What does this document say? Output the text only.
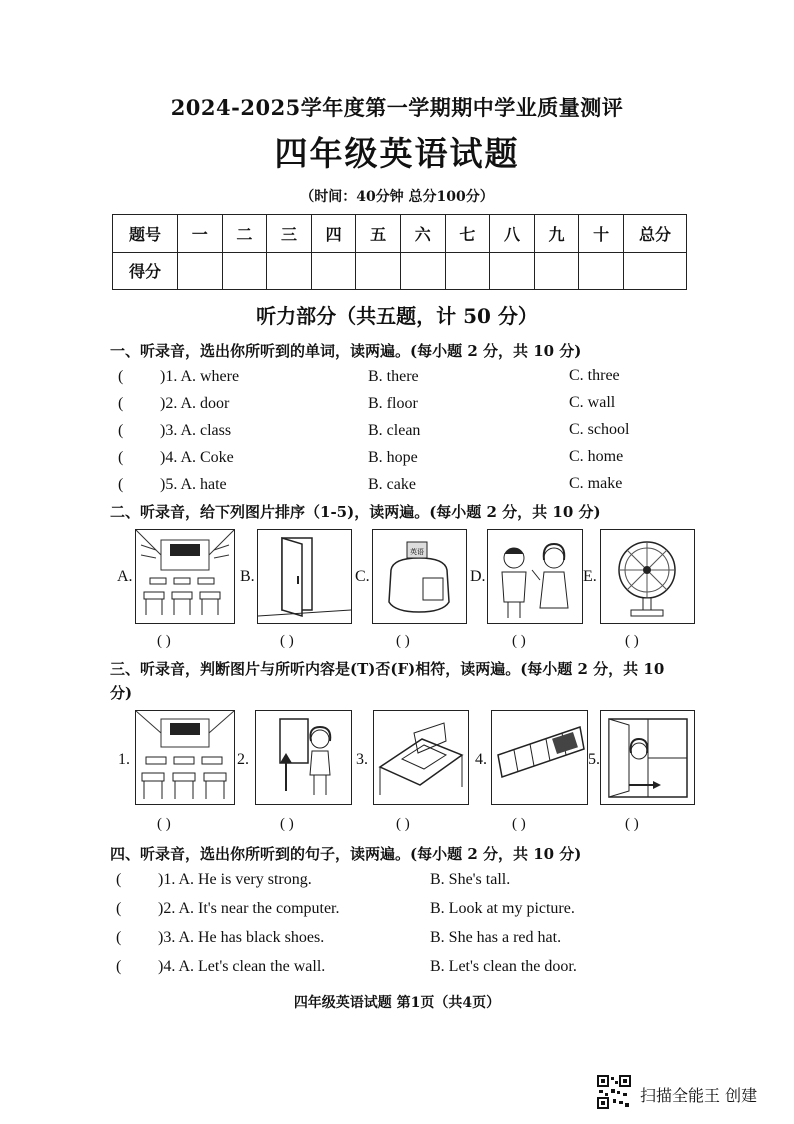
2024-2025学年度第一学期期中学业质量测评
四年级英语试题
（时间：40分钟 总分100分）
题号	一	二	三	四	五	六	七	八	九	十	总分
得分											
听力部分（共五题，计 50 分）
一、听录音，选出你所听到的单词，读两遍。(每小题 2 分，共 10 分)
( )1. A. where	B. there	C. three
( )2. A. door	B. floor	C. wall
( )3. A. class	B. clean	C. school
( )4. A. Coke	B. hope	C. home
( )5. A. hate	B. cake	C. make
二、听录音，给下列图片排序（1-5)，读两遍。(每小题 2 分，共 10 分)
A.	B.	C.
英语
D.	E.
( )	( )	( )	( )	( )
三、听录音，判断图片与所听内容是(T)否(F)相符，读两遍。(每小题 2 分，共 10
分)
1.	2.	3.	4.	5.
( )	( )	( )	( )	( )
四、听录音，选出你所听到的句子，读两遍。(每小题 2 分，共 10 分)
( )1. A. He is very strong.	B. She's tall.
( )2. A. It's near the computer.	B. Look at my picture.
( )3. A. He has black shoes.	B. She has a red hat.
( )4. A. Let's clean the wall.	B. Let's clean the door.
四年级英语试题 第1页（共4页）
扫描全能王 创建
